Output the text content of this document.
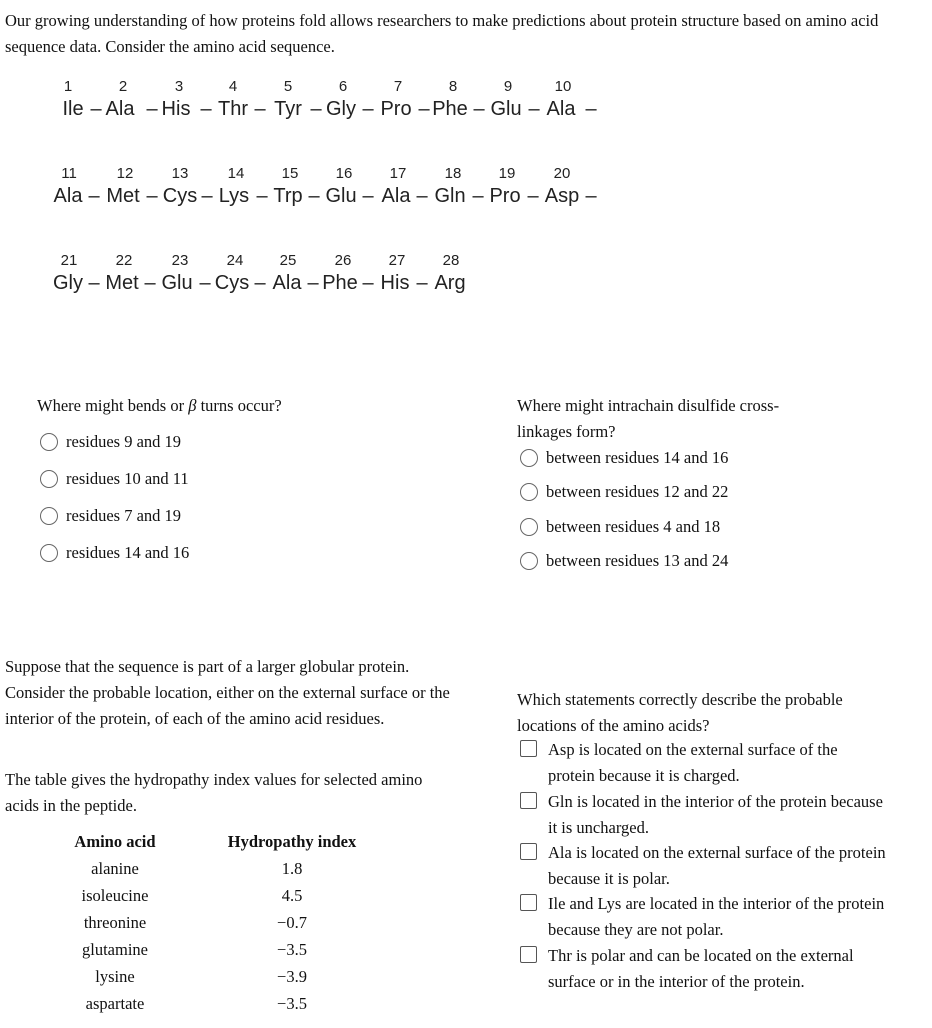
Our growing understanding of how proteins fold allows researchers to make predictions about protein structure based on amino acid sequence data. Consider the amino acid sequence.

1
Ile –
2
Ala –
3
His –
4
Thr –
5
Tyr –
6
Gly –
7
Pro –
8
Phe –
9
Glu –
10
Ala –
11
Ala –
12
Met –
13
Cys –
14
Lys –
15
Trp –
16
Glu –
17
Ala –
18
Gln –
19
Pro –
20
Asp –
21
Gly –
22
Met –
23
Glu –
24
Cys –
25
Ala –
26
Phe –
27
His –
28
Arg

Where might bends or β turns occur?

residues 9 and 19
residues 10 and 11
residues 7 and 19
residues 14 and 16

Where might intrachain disulfide cross-linkages form?

between residues 14 and 16
between residues 12 and 22
between residues 4 and 18
between residues 13 and 24

Suppose that the sequence is part of a larger globular protein. Consider the probable location, either on the external surface or the interior of the protein, of each of the amino acid residues.

The table gives the hydropathy index values for selected amino acids in the peptide.

Amino acid
alanine
isoleucine
threonine
glutamine
lysine
aspartate
Hydropathy index
1.8
4.5
−0.7
−3.5
−3.9
−3.5

Which statements correctly describe the probable locations of the amino acids?

Asp is located on the external surface of the protein because it is charged.
Gln is located in the interior of the protein because it is uncharged.
Ala is located on the external surface of the protein because it is polar.
Ile and Lys are located in the interior of the protein because they are not polar.
Thr is polar and can be located on the external surface or in the interior of the protein.
